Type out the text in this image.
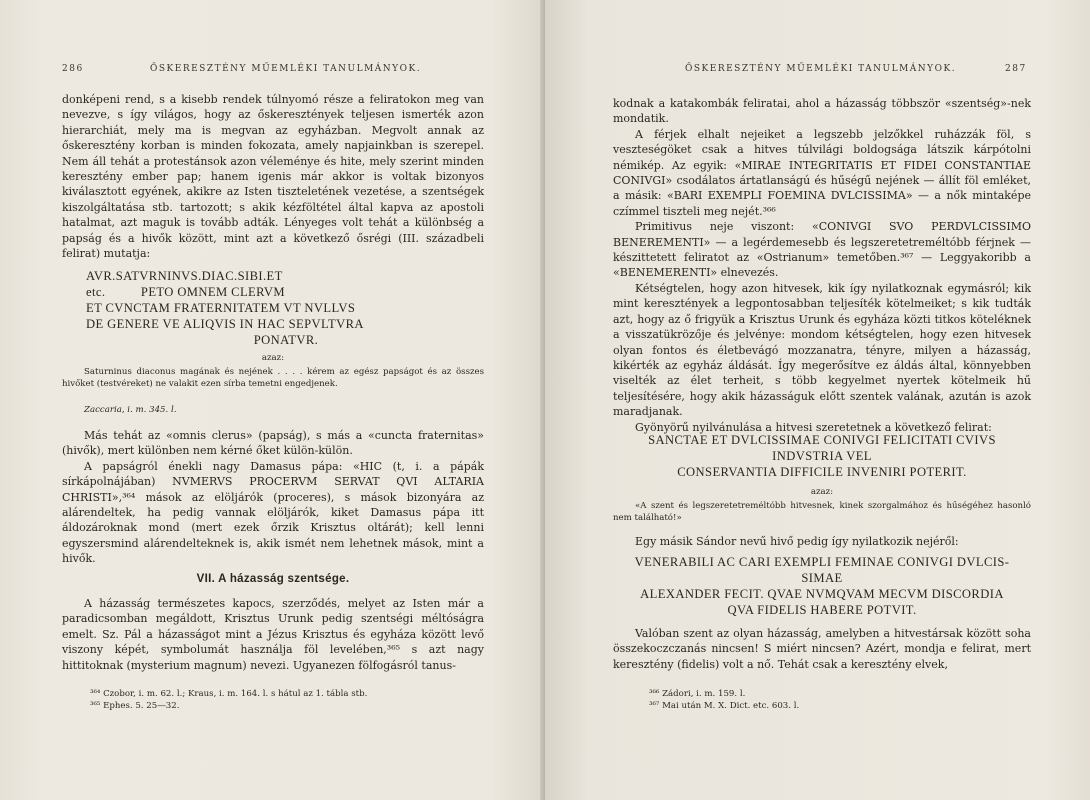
286	ŐSKERESZTÉNY MŰEMLÉKI TANULMÁNYOK.

donképeni rend, s a kisebb rendek túlnyomó része a feliratokon meg van nevezve, s így világos, hogy az őskeresztények teljesen ismerték azon hierarchiát, mely ma is megvan az egyházban. Megvolt annak az őskeresztény korban is minden fokozata, amely napjainkban is szerepel. Nem áll tehát a protestánsok azon véleménye és hite, mely szerint minden keresztény ember pap; hanem igenis már akkor is voltak bizonyos kiválasztott egyének, akikre az Isten tiszteletének vezetése, a szentségek kiszolgáltatása stb. tartozott; s akik kézföltétel által kapva az apostoli hatalmat, azt maguk is tovább adták. Lényeges volt tehát a különbség a papság és a hivők között, mint azt a következő ősrégi (III. századbeli felirat) mutatja:

AVR.SATVRNINVS.DIAC.SIBI.ET
etc.          PETO OMNEM CLERVM
ET CVNCTAM FRATERNITATEM VT NVLLVS
DE GENERE VE ALIQVIS IN HAC SEPVLTVRA
PONATVR.
azaz:

Saturninus diaconus magának és nejének . . . . kérem az egész papságot és az összes hivőket (testvéreket) ne valakit ezen sírba temetni engedjenek.

Zaccaria, i. m. 345. l.

Más tehát az «omnis clerus» (papság), s más a «cuncta fraternitas» (hivők), mert különben nem kérné őket külön-külön.

A papságról énekli nagy Damasus pápa: «HIC (t, i. a pápák sírkápolnájában) NVMERVS PROCERVM SERVAT QVI ALTARIA CHRISTI»,³⁶⁴ mások az elöljárók (proceres), s mások bizonyára az alárendeltek, ha pedig vannak elöljárók, kiket Damasus pápa itt áldozároknak mond (mert ezek őrzik Krisztus oltárát); kell lenni egyszersmind alárendelteknek is, akik ismét nem lehetnek mások, mint a hivők.

VII. A házasság szentsége.

A házasság természetes kapocs, szerződés, melyet az Isten már a paradicsomban megáldott, Krisztus Urunk pedig szentségi méltóságra emelt. Sz. Pál a házasságot mint a Jézus Krisztus és egyháza között levő viszony képét, symbolumát használja föl levelében,³⁶⁵ s azt nagy hittitoknak (mysterium magnum) nevezi. Ugyanezen fölfogásról tanus-

³⁶⁴ Czobor, i. m. 62. l.; Kraus, i. m. 164. l. s hátul az 1. tábla stb.
³⁶⁵ Ephes. 5. 25—32.
ŐSKERESZTÉNY MŰEMLÉKI TANULMÁNYOK.	287

kodnak a katakombák feliratai, ahol a házasság többször «szentség»-nek mondatik.

A férjek elhalt nejeiket a legszebb jelzőkkel ruházzák föl, s veszteségöket csak a hitves túlvilági boldogsága látszik kárpótolni némikép. Az egyik: «MIRAE INTEGRITATIS ET FIDEI CONSTANTIAE CONIVGI» csodálatos ártatlanságú és hűségű nejének — állít föl emléket, a másik: «BARI EXEMPLI FOEMINA DVLCISSIMA» — a nők mintaképe czímmel tiszteli meg nejét.³⁶⁶

Primitivus neje viszont: «CONIVGI SVO PERDVLCISSIMO BENEREMENTI» — a legérdemesebb és legszeretetreméltóbb férjnek — készittetett feliratot az «Ostrianum» temetőben.³⁶⁷ — Leggyakoribb a «BENEMERENTI» elnevezés.

Kétségtelen, hogy azon hitvesek, kik így nyilatkoznak egymásról; kik mint keresztények a legpontosabban teljesíték kötelmeiket; s kik tudták azt, hogy az ő frigyük a Krisztus Urunk és egyháza közti titkos köteléknek a visszatükrözője és jelvénye: mondom kétségtelen, hogy ezen hitvesek olyan fontos és életbevágó mozzanatra, tényre, milyen a házasság, kikérték az egyház áldását. Így megerősítve ez áldás által, könnyebben viselték az élet terheit, s több kegyelmet nyertek kötelmeik hű teljesítésére, hogy akik házasságuk előtt szentek valának, azután is azok maradjanak.

Gyönyörű nyilvánulása a hitvesi szeretetnek a következő felirat:

SANCTAE ET DVLCISSIMAE CONIVGI FELICITATI CVIVS
INDVSTRIA VEL
CONSERVANTIA DIFFICILE INVENIRI POTERIT.
azaz:

«A szent és legszeretetreméltóbb hitvesnek, kinek szorgalmához és hűségéhez hasonló nem található!»

Egy másik Sándor nevű hivő pedig így nyilatkozik nejéről:

VENERABILI AC CARI EXEMPLI FEMINAE CONIVGI DVLCIS-
SIMAE
ALEXANDER FECIT. QVAE NVMQVAM MECVM DISCORDIA
QVA FIDELIS HABERE POTVIT.

Valóban szent az olyan házasság, amelyben a hitvestársak között soha összekoczczanás nincsen! S miért nincsen? Azért, mondja e felirat, mert keresztény (fidelis) volt a nő. Tehát csak a keresztény elvek,

³⁶⁶ Zádori, i. m. 159. l.
³⁶⁷ Mai után M. X. Dict. etc. 603. l.
